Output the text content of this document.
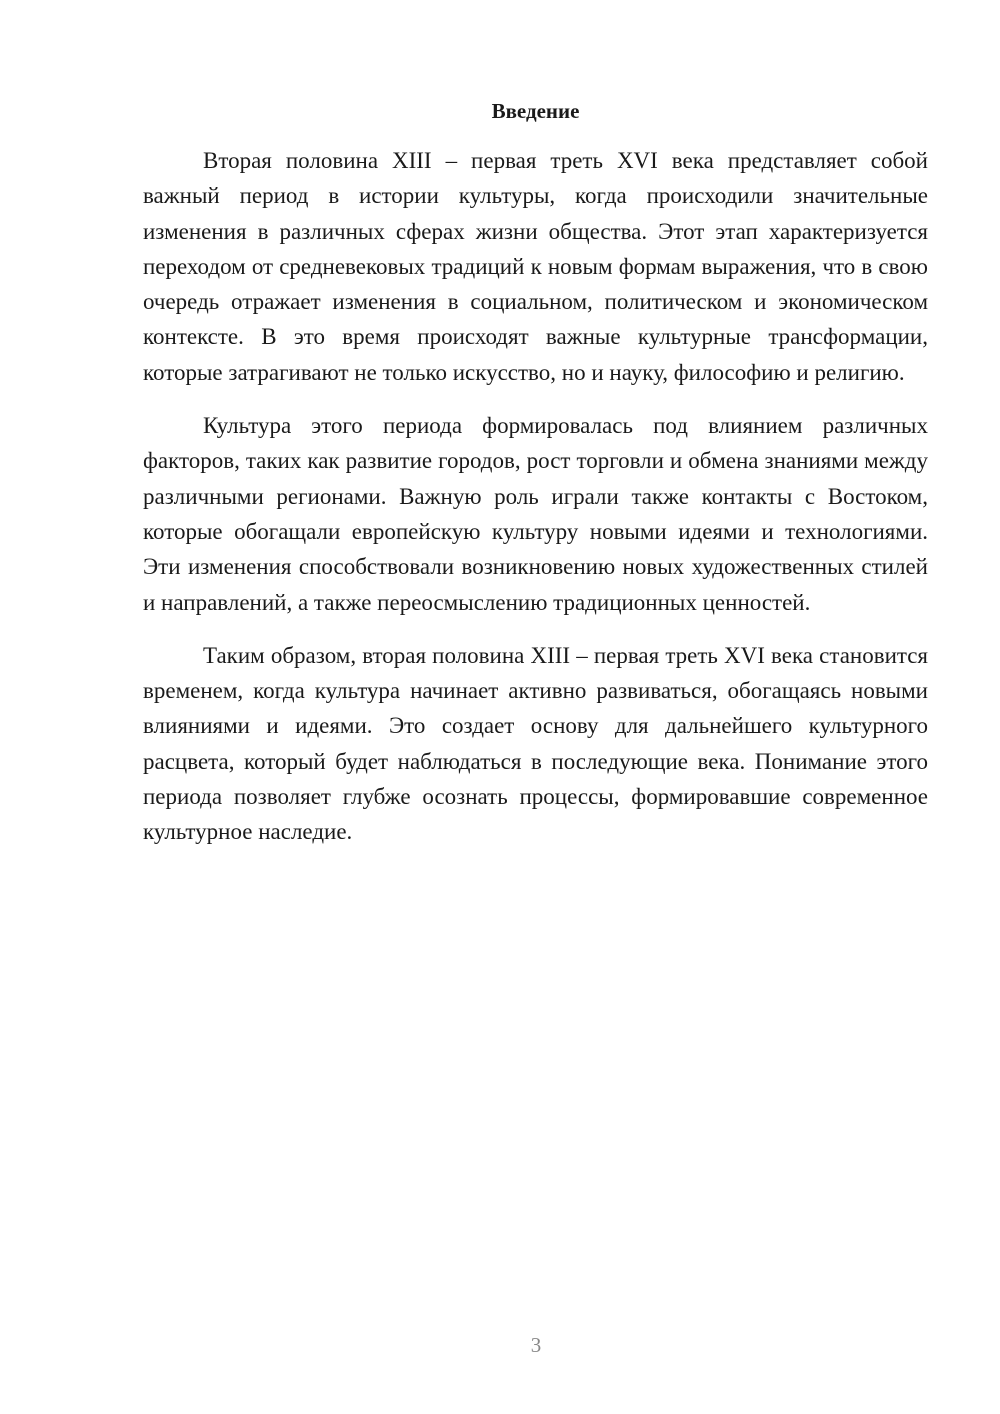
Введение

Вторая половина XIII – первая треть XVI века представляет собой важный период в истории культуры, когда происходили значительные изменения в различных сферах жизни общества. Этот этап характеризуется переходом от средневековых традиций к новым формам выражения, что в свою очередь отражает изменения в социальном, политическом и экономическом контексте. В это время происходят важные культурные трансформации, которые затрагивают не только искусство, но и науку, философию и религию.

Культура этого периода формировалась под влиянием различных факторов, таких как развитие городов, рост торговли и обмена знаниями между различными регионами. Важную роль играли также контакты с Востоком, которые обогащали европейскую культуру новыми идеями и технологиями. Эти изменения способствовали возникновению новых художественных стилей и направлений, а также переосмыслению традиционных ценностей.

Таким образом, вторая половина XIII – первая треть XVI века становится временем, когда культура начинает активно развиваться, обогащаясь новыми влияниями и идеями. Это создает основу для дальнейшего культурного расцвета, который будет наблюдаться в последующие века. Понимание этого периода позволяет глубже осознать процессы, формировавшие современное культурное наследие.

3
